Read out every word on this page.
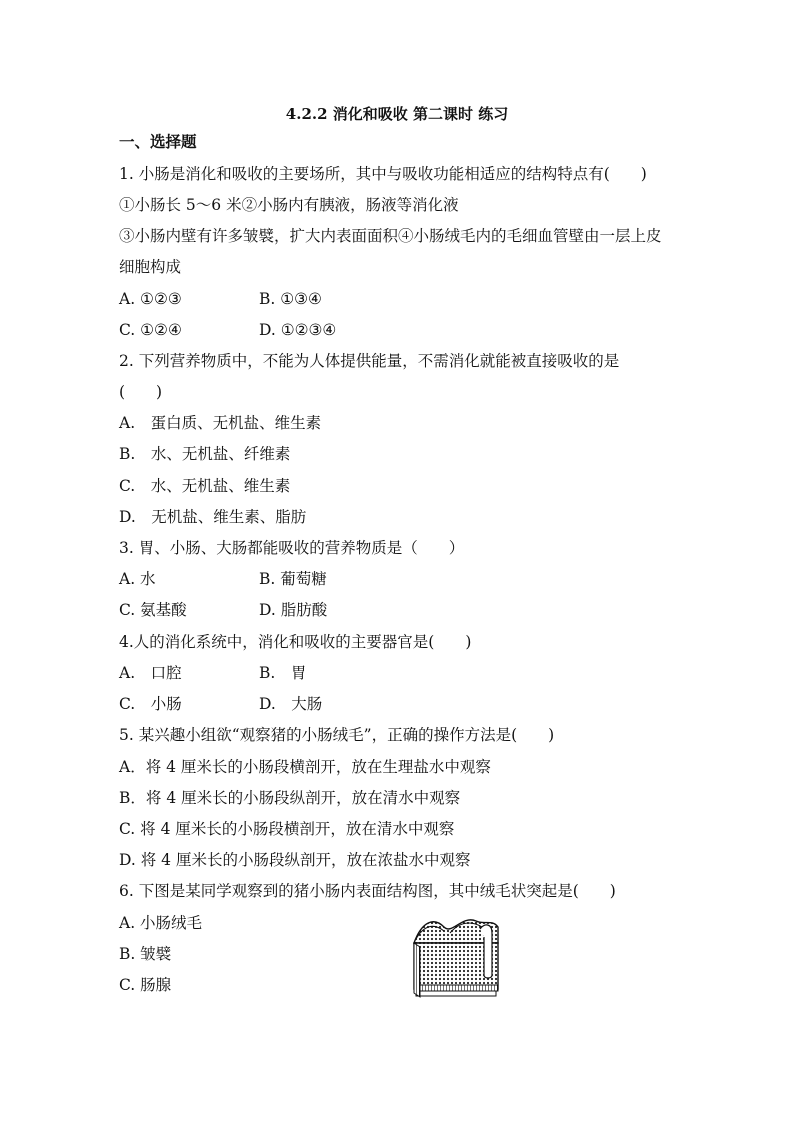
4.2.2 消化和吸收 第二课时 练习
一、选择题
1. 小肠是消化和吸收的主要场所，其中与吸收功能相适应的结构特点有(　　)
①小肠长 5～6 米②小肠内有胰液，肠液等消化液
③小肠内壁有许多皱襞，扩大内表面面积④小肠绒毛内的毛细血管壁由一层上皮
细胞构成
A. ①②③	B. ①③④
C. ①②④	D. ①②③④
2. 下列营养物质中，不能为人体提供能量，不需消化就能被直接吸收的是
(　　)
A.　蛋白质、无机盐、维生素
B.　水、无机盐、纤维素
C.　水、无机盐、维生素
D.　无机盐、维生素、脂肪
3. 胃、小肠、大肠都能吸收的营养物质是（　　）
A. 水	B. 葡萄糖
C. 氨基酸	D. 脂肪酸
4.人的消化系统中，消化和吸收的主要器官是(　　)
A.　口腔	B.　胃
C.　小肠	D.　大肠
5. 某兴趣小组欲“观察猪的小肠绒毛”，正确的操作方法是(　　)
A．将 4 厘米长的小肠段横剖开，放在生理盐水中观察
B．将 4 厘米长的小肠段纵剖开，放在清水中观察
C. 将 4 厘米长的小肠段横剖开，放在清水中观察
D. 将 4 厘米长的小肠段纵剖开，放在浓盐水中观察
6. 下图是某同学观察到的猪小肠内表面结构图，其中绒毛状突起是(　　)
A. 小肠绒毛
B. 皱襞
C. 肠腺
